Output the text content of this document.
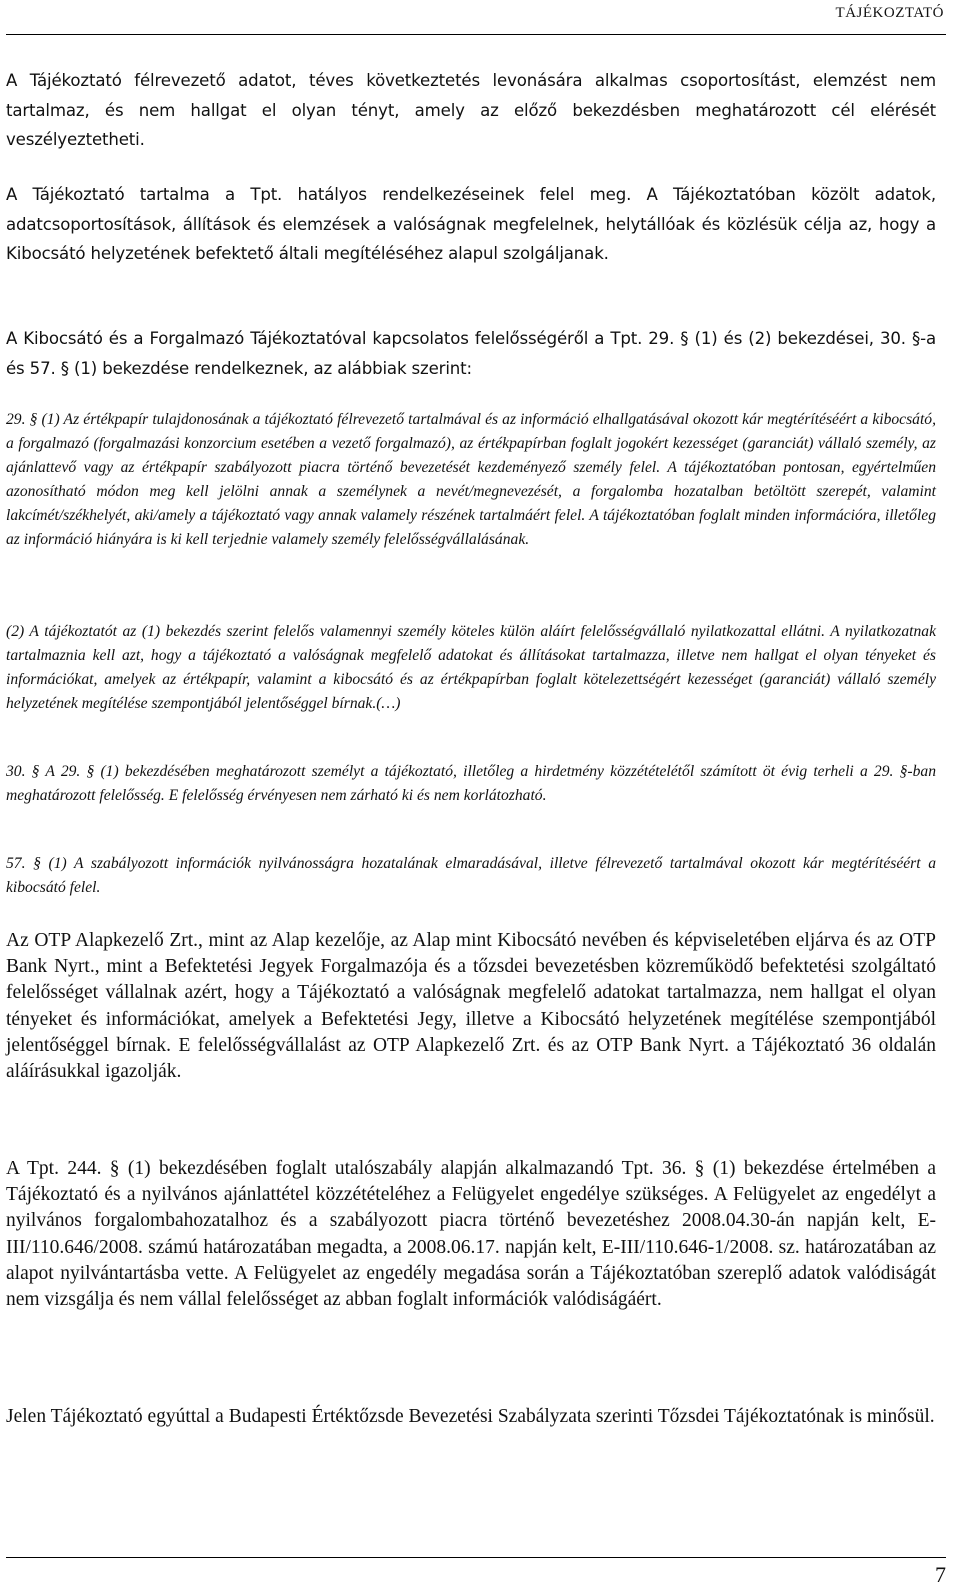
TÁJÉKOZTATÓ

A Tájékoztató félrevezető adatot, téves következtetés levonására alkalmas csoportosítást, elemzést nem tartalmaz, és nem hallgat el olyan tényt, amely az előző bekezdésben meghatározott cél elérését veszélyeztetheti.

A Tájékoztató tartalma a Tpt. hatályos rendelkezéseinek felel meg. A Tájékoztatóban közölt adatok, adatcsoportosítások, állítások és elemzések a valóságnak megfelelnek, helytállóak és közlésük célja az, hogy a Kibocsátó helyzetének befektető általi megítéléséhez alapul szolgáljanak.

A Kibocsátó és a Forgalmazó Tájékoztatóval kapcsolatos felelősségéről a Tpt. 29. § (1) és (2) bekezdései, 30. §-a és 57. § (1) bekezdése rendelkeznek, az alábbiak szerint:

29. § (1) Az értékpapír tulajdonosának a tájékoztató félrevezető tartalmával és az információ elhallgatásával okozott kár megtérítéséért a kibocsátó, a forgalmazó (forgalmazási konzorcium esetében a vezető forgalmazó), az értékpapírban foglalt jogokért kezességet (garanciát) vállaló személy, az ajánlattevő vagy az értékpapír szabályozott piacra történő bevezetését kezdeményező személy felel. A tájékoztatóban pontosan, egyértelműen azonosítható módon meg kell jelölni annak a személynek a nevét/megnevezését, a forgalomba hozatalban betöltött szerepét, valamint lakcímét/székhelyét, aki/amely a tájékoztató vagy annak valamely részének tartalmáért felel. A tájékoztatóban foglalt minden információra, illetőleg az információ hiányára is ki kell terjednie valamely személy felelősségvállalásának.

(2) A tájékoztatót az (1) bekezdés szerint felelős valamennyi személy köteles külön aláírt felelősségvállaló nyilatkozattal ellátni. A nyilatkozatnak tartalmaznia kell azt, hogy a tájékoztató a valóságnak megfelelő adatokat és állításokat tartalmazza, illetve nem hallgat el olyan tényeket és információkat, amelyek az értékpapír, valamint a kibocsátó és az értékpapírban foglalt kötelezettségért kezességet (garanciát) vállaló személy helyzetének megítélése szempontjából jelentőséggel bírnak.(…)

30. § A 29. § (1) bekezdésében meghatározott személyt a tájékoztató, illetőleg a hirdetmény közzétételétől számított öt évig terheli a 29. §-ban meghatározott felelősség. E felelősség érvényesen nem zárható ki és nem korlátozható.

57. § (1) A szabályozott információk nyilvánosságra hozatalának elmaradásával, illetve félrevezető tartalmával okozott kár megtérítéséért a kibocsátó felel.

Az OTP Alapkezelő Zrt., mint az Alap kezelője, az Alap mint Kibocsátó nevében és képviseletében eljárva és az OTP Bank Nyrt., mint a Befektetési Jegyek Forgalmazója és a tőzsdei bevezetésben közreműködő befektetési szolgáltató felelősséget vállalnak azért, hogy a Tájékoztató a valóságnak megfelelő adatokat tartalmazza, nem hallgat el olyan tényeket és információkat, amelyek a Befektetési Jegy, illetve a Kibocsátó helyzetének megítélése szempontjából jelentőséggel bírnak. E felelősségvállalást az OTP Alapkezelő Zrt. és az OTP Bank Nyrt. a Tájékoztató 36 oldalán aláírásukkal igazolják.

A Tpt. 244. § (1) bekezdésében foglalt utalószabály alapján alkalmazandó Tpt. 36. § (1) bekezdése értelmében a Tájékoztató és a nyilvános ajánlattétel közzétételéhez a Felügyelet engedélye szükséges. A Felügyelet az engedélyt a nyilvános forgalombahozatalhoz és a szabályozott piacra történő bevezetéshez 2008.04.30-án napján kelt, E-III/110.646/2008. számú határozatában megadta, a 2008.06.17. napján kelt, E-III/110.646-1/2008. sz. határozatában az alapot nyilvántartásba vette. A Felügyelet az engedély megadása során a Tájékoztatóban szereplő adatok valódiságát nem vizsgálja és nem vállal felelősséget az abban foglalt információk valódiságáért.

Jelen Tájékoztató egyúttal a Budapesti Értéktőzsde Bevezetési Szabályzata szerinti Tőzsdei Tájékoztatónak is minősül.

7
